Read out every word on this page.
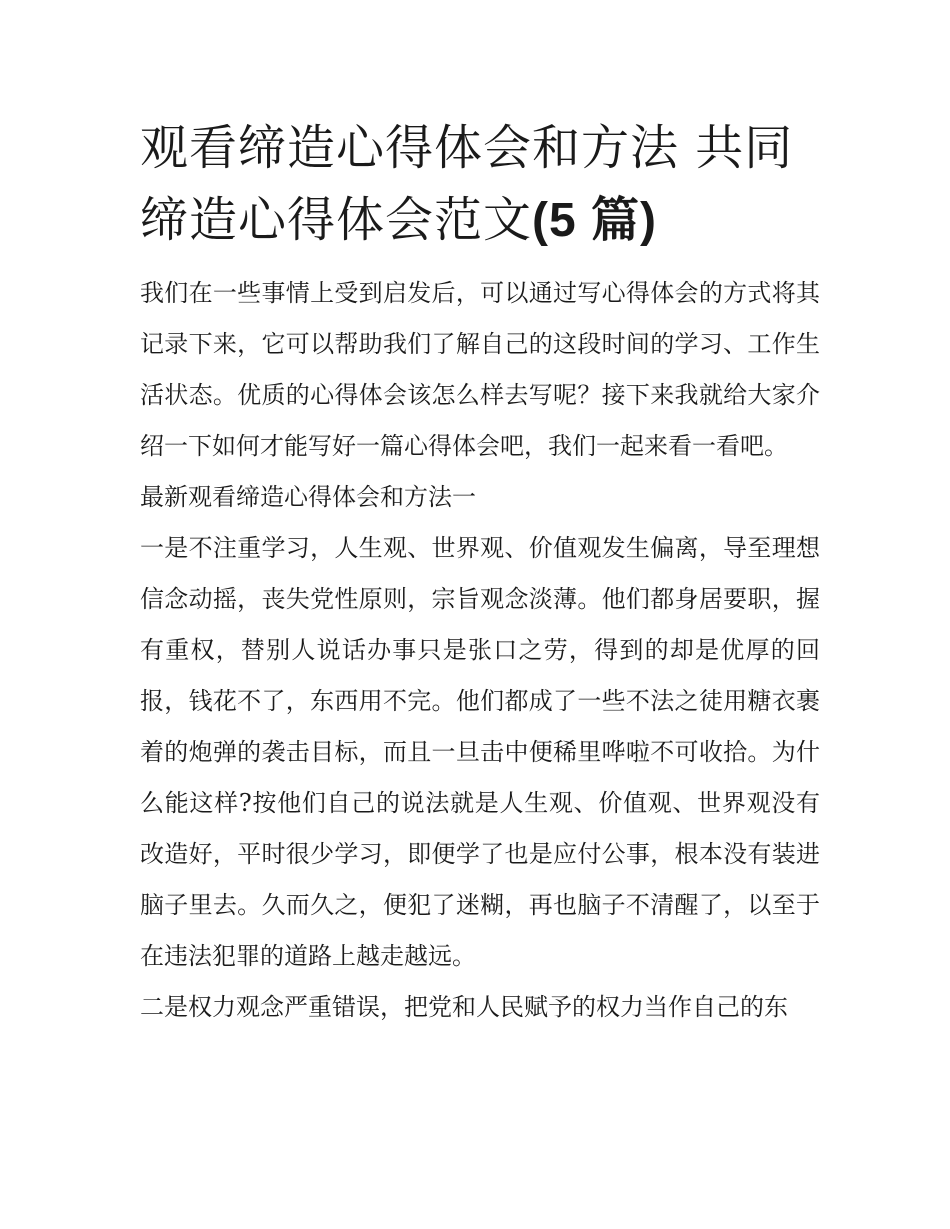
观看缔造心得体会和方法 共同缔造心得体会范文(5 篇)

我们在一些事情上受到启发后，可以通过写心得体会的方式将其记录下来，它可以帮助我们了解自己的这段时间的学习、工作生活状态。优质的心得体会该怎么样去写呢？接下来我就给大家介绍一下如何才能写好一篇心得体会吧，我们一起来看一看吧。

最新观看缔造心得体会和方法一

一是不注重学习，人生观、世界观、价值观发生偏离，导至理想信念动摇，丧失党性原则，宗旨观念淡薄。他们都身居要职，握有重权，替别人说话办事只是张口之劳，得到的却是优厚的回报，钱花不了，东西用不完。他们都成了一些不法之徒用糖衣裹着的炮弹的袭击目标，而且一旦击中便稀里哗啦不可收拾。为什么能这样?按他们自己的说法就是人生观、价值观、世界观没有改造好，平时很少学习，即便学了也是应付公事，根本没有装进脑子里去。久而久之，便犯了迷糊，再也脑子不清醒了，以至于在违法犯罪的道路上越走越远。

二是权力观念严重错误，把党和人民赋予的权力当作自己的东
